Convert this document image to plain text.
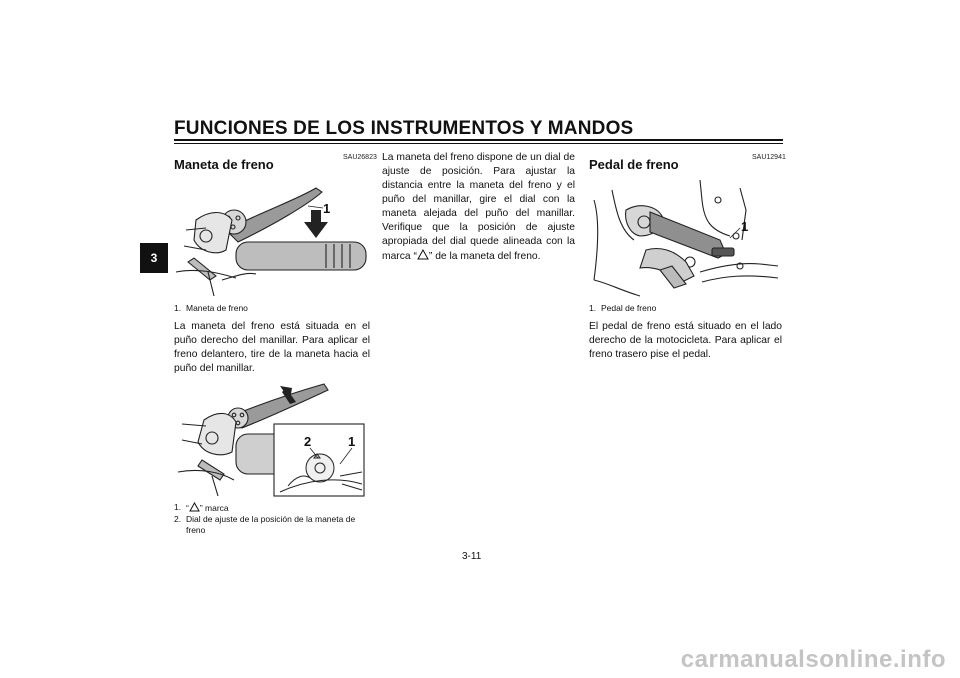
FUNCIONES DE LOS INSTRUMENTOS Y MANDOS
3
SAU26823
Maneta de freno
1
1. Maneta de freno

La maneta del freno está situada en el puño derecho del manillar. Para aplicar el freno delantero, tire de la maneta hacia el puño del manillar.

2	1
1. “ ” marca
2. Dial de ajuste de la posición de la maneta de freno

La maneta del freno dispone de un dial de ajuste de posición. Para ajustar la distancia entre la maneta del freno y el puño del manillar, gire el dial con la maneta alejada del puño del manillar. Verifique que la posición de ajuste apropiada del dial quede alineada con la marca “ ” de la maneta del freno.

SAU12941
Pedal de freno
1
1. Pedal de freno

El pedal de freno está situado en el lado derecho de la motocicleta. Para aplicar el freno trasero pise el pedal.

3-11
carmanualsonline.info
